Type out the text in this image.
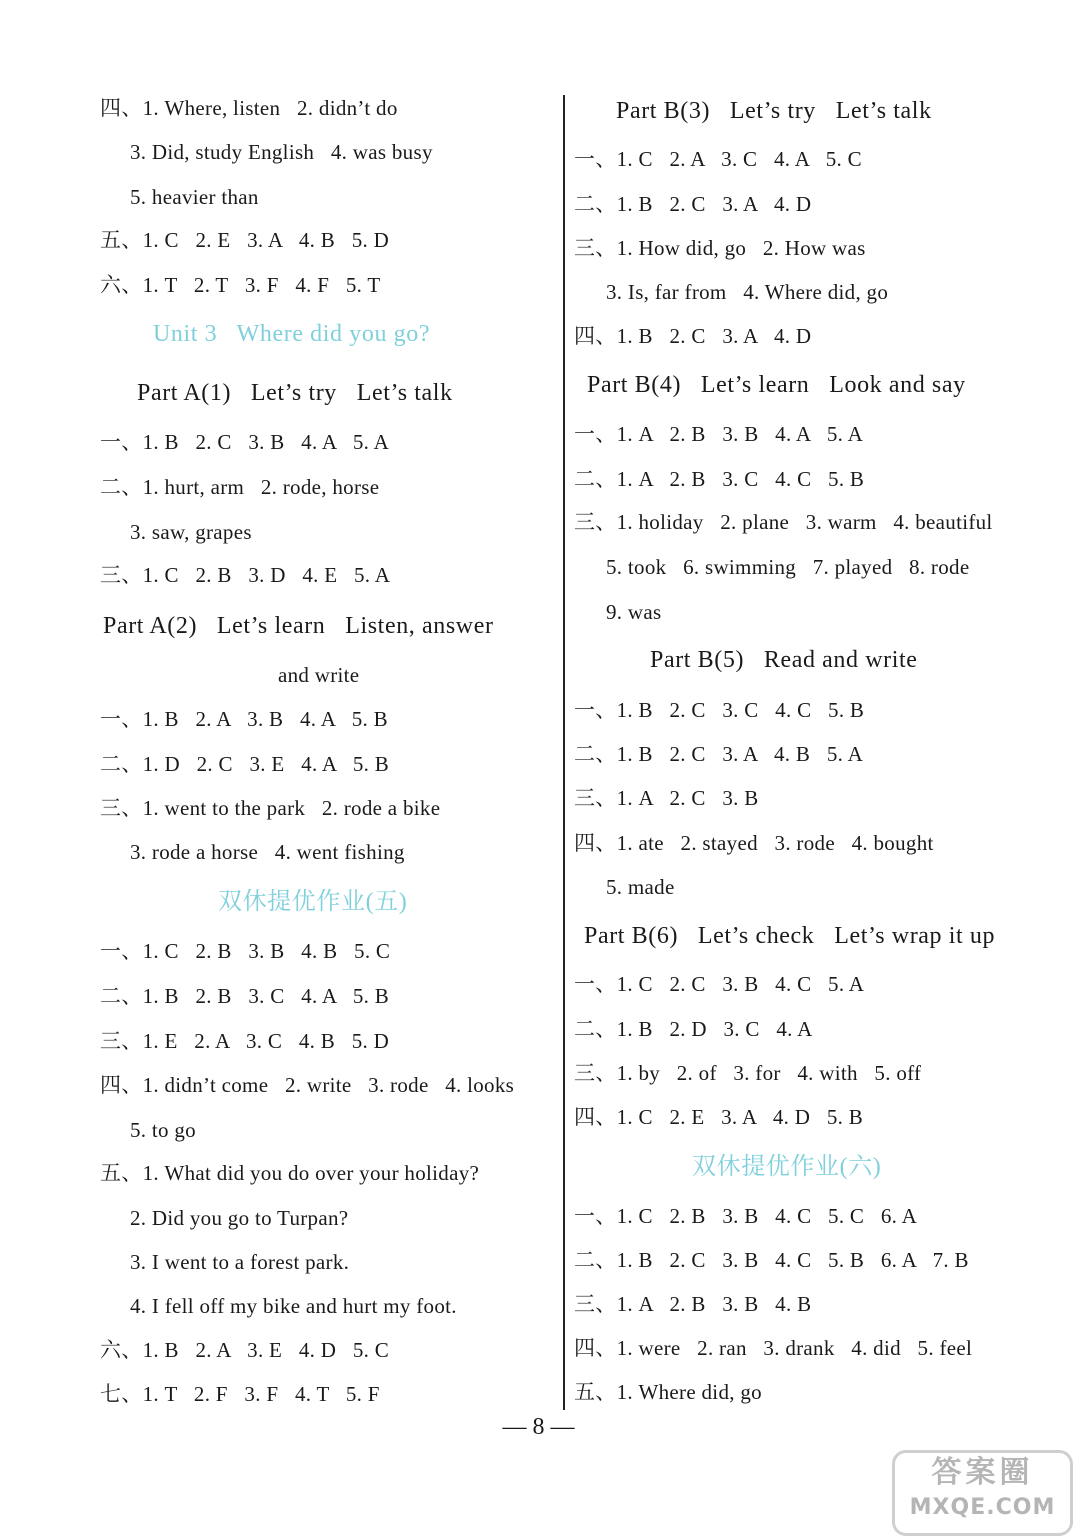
四、1. Where, listen   2. didn’t do
3. Did, study English   4. was busy
5. heavier than
五、1. C   2. E   3. A   4. B   5. D
六、1. T   2. T   3. F   4. F   5. T
Unit 3   Where did you go?
Part A(1)   Let’s try   Let’s talk
一、1. B   2. C   3. B   4. A   5. A
二、1. hurt, arm   2. rode, horse
3. saw, grapes
三、1. C   2. B   3. D   4. E   5. A
Part A(2)   Let’s learn   Listen, answer
and write
一、1. B   2. A   3. B   4. A   5. B
二、1. D   2. C   3. E   4. A   5. B
三、1. went to the park   2. rode a bike
3. rode a horse   4. went fishing
双休提优作业(五)
一、1. C   2. B   3. B   4. B   5. C
二、1. B   2. B   3. C   4. A   5. B
三、1. E   2. A   3. C   4. B   5. D
四、1. didn’t come   2. write   3. rode   4. looks
5. to go
五、1. What did you do over your holiday?
2. Did you go to Turpan?
3. I went to a forest park.
4. I fell off my bike and hurt my foot.
六、1. B   2. A   3. E   4. D   5. C
七、1. T   2. F   3. F   4. T   5. F
Part B(3)   Let’s try   Let’s talk
一、1. C   2. A   3. C   4. A   5. C
二、1. B   2. C   3. A   4. D
三、1. How did, go   2. How was
3. Is, far from   4. Where did, go
四、1. B   2. C   3. A   4. D
Part B(4)   Let’s learn   Look and say
一、1. A   2. B   3. B   4. A   5. A
二、1. A   2. B   3. C   4. C   5. B
三、1. holiday   2. plane   3. warm   4. beautiful
5. took   6. swimming   7. played   8. rode
9. was
Part B(5)   Read and write
一、1. B   2. C   3. C   4. C   5. B
二、1. B   2. C   3. A   4. B   5. A
三、1. A   2. C   3. B
四、1. ate   2. stayed   3. rode   4. bought
5. made
Part B(6)   Let’s check   Let’s wrap it up
一、1. C   2. C   3. B   4. C   5. A
二、1. B   2. D   3. C   4. A
三、1. by   2. of   3. for   4. with   5. off
四、1. C   2. E   3. A   4. D   5. B
双休提优作业(六)
一、1. C   2. B   3. B   4. C   5. C   6. A
二、1. B   2. C   3. B   4. C   5. B   6. A   7. B
三、1. A   2. B   3. B   4. B
四、1. were   2. ran   3. drank   4. did   5. feel
五、1. Where did, go
— 8 —
答案圈
MXQE.COM
